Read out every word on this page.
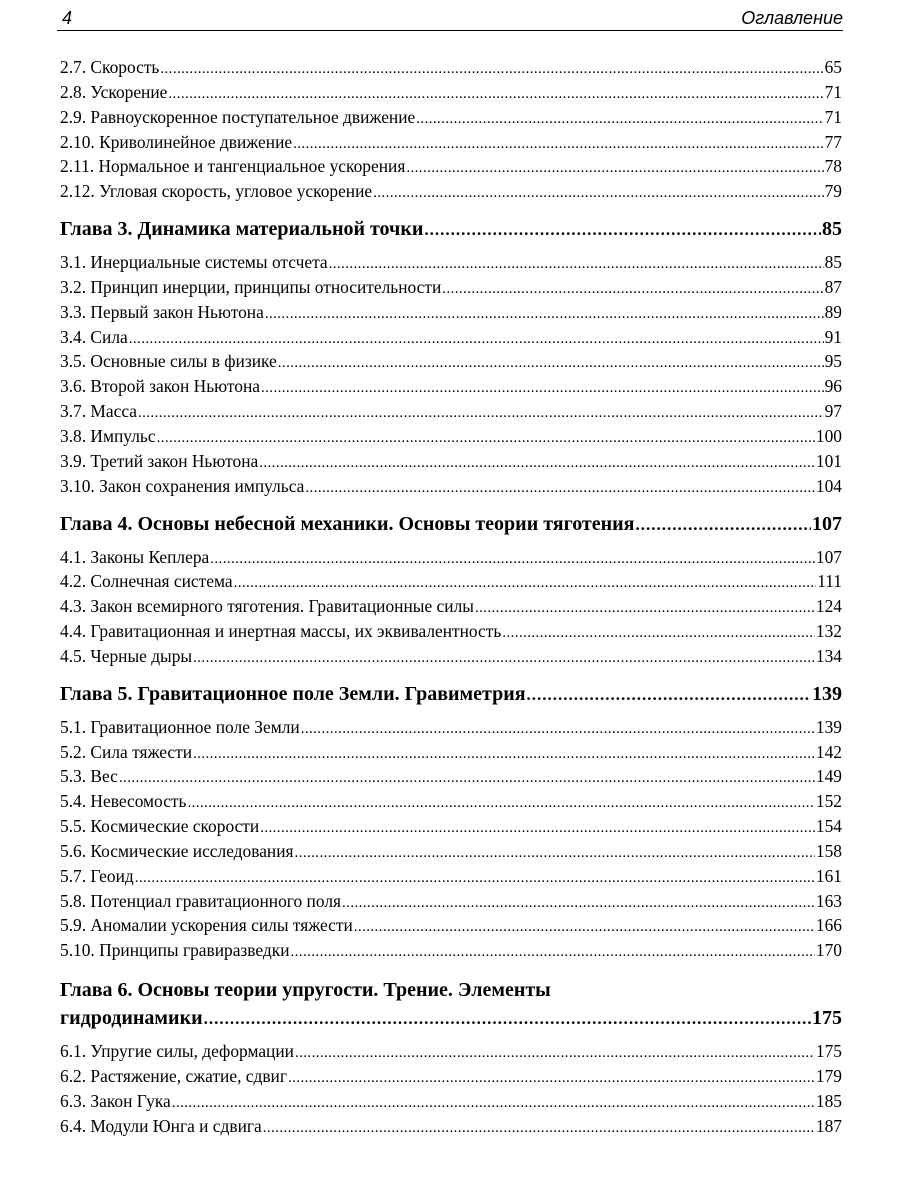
4	Оглавление
2.7. Скорость .....	65
2.8. Ускорение .....	71
2.9. Равноускоренное поступательное движение .....	71
2.10. Криволинейное движение .....	77
2.11. Нормальное и тангенциальное ускорения .....	78
2.12. Угловая скорость, угловое ускорение .....	79
Глава 3. Динамика материальной точки .....	85
3.1. Инерциальные системы отсчета .....	85
3.2. Принцип инерции, принципы относительности .....	87
3.3. Первый закон Ньютона .....	89
3.4. Сила .....	91
3.5. Основные силы в физике .....	95
3.6. Второй закон Ньютона .....	96
3.7. Масса .....	97
3.8. Импульс .....	100
3.9. Третий закон Ньютона .....	101
3.10. Закон сохранения импульса .....	104
Глава 4. Основы небесной механики. Основы теории тяготения .....	107
4.1. Законы Кеплера .....	107
4.2. Солнечная система .....	111
4.3. Закон всемирного тяготения. Гравитационные силы .....	124
4.4. Гравитационная и инертная массы, их эквивалентность .....	132
4.5. Черные дыры .....	134
Глава 5. Гравитационное поле Земли. Гравиметрия .....	139
5.1. Гравитационное поле Земли .....	139
5.2. Сила тяжести .....	142
5.3. Вес .....	149
5.4. Невесомость .....	152
5.5. Космические скорости .....	154
5.6. Космические исследования .....	158
5.7. Геоид .....	161
5.8. Потенциал гравитационного поля .....	163
5.9. Аномалии ускорения силы тяжести .....	166
5.10. Принципы гравиразведки .....	170
Глава 6. Основы теории упругости. Трение. Элементы
гидродинамики .....	175
6.1. Упругие силы, деформации .....	175
6.2. Растяжение, сжатие, сдвиг .....	179
6.3. Закон Гука .....	185
6.4. Модули Юнга и сдвига .....	187
